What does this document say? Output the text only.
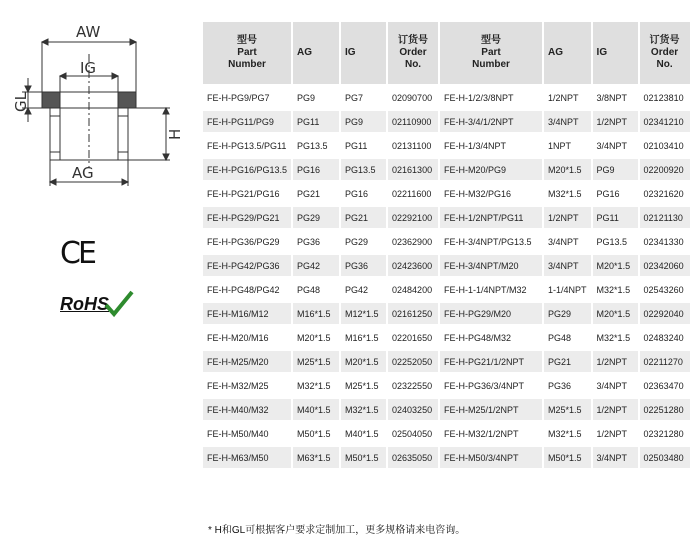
AW
IG
AG
H
GL
CE
RoHS
型号
Part
Number	AG	IG	订货号
Order No.	型号
Part
Number	AG	IG	订货号
Order No.
FE-H-PG9/PG7	PG9	PG7	02090700	FE-H-1/2/3/8NPT	1/2NPT	3/8NPT	02123810
FE-H-PG11/PG9	PG11	PG9	02110900	FE-H-3/4/1/2NPT	3/4NPT	1/2NPT	02341210
FE-H-PG13.5/PG11	PG13.5	PG11	02131100	FE-H-1/3/4NPT	1NPT	3/4NPT	02103410
FE-H-PG16/PG13.5	PG16	PG13.5	02161300	FE-H-M20/PG9	M20*1.5	PG9	02200920
FE-H-PG21/PG16	PG21	PG16	02211600	FE-H-M32/PG16	M32*1.5	PG16	02321620
FE-H-PG29/PG21	PG29	PG21	02292100	FE-H-1/2NPT/PG11	1/2NPT	PG11	02121130
FE-H-PG36/PG29	PG36	PG29	02362900	FE-H-3/4NPT/PG13.5	3/4NPT	PG13.5	02341330
FE-H-PG42/PG36	PG42	PG36	02423600	FE-H-3/4NPT/M20	3/4NPT	M20*1.5	02342060
FE-H-PG48/PG42	PG48	PG42	02484200	FE-H-1-1/4NPT/M32	1-1/4NPT	M32*1.5	02543260
FE-H-M16/M12	M16*1.5	M12*1.5	02161250	FE-H-PG29/M20	PG29	M20*1.5	02292040
FE-H-M20/M16	M20*1.5	M16*1.5	02201650	FE-H-PG48/M32	PG48	M32*1.5	02483240
FE-H-M25/M20	M25*1.5	M20*1.5	02252050	FE-H-PG21/1/2NPT	PG21	1/2NPT	02211270
FE-H-M32/M25	M32*1.5	M25*1.5	02322550	FE-H-PG36/3/4NPT	PG36	3/4NPT	02363470
FE-H-M40/M32	M40*1.5	M32*1.5	02403250	FE-H-M25/1/2NPT	M25*1.5	1/2NPT	02251280
FE-H-M50/M40	M50*1.5	M40*1.5	02504050	FE-H-M32/1/2NPT	M32*1.5	1/2NPT	02321280
FE-H-M63/M50	M63*1.5	M50*1.5	02635050	FE-H-M50/3/4NPT	M50*1.5	3/4NPT	02503480
* H和GL可根据客户要求定制加工，更多规格请来电咨询。
